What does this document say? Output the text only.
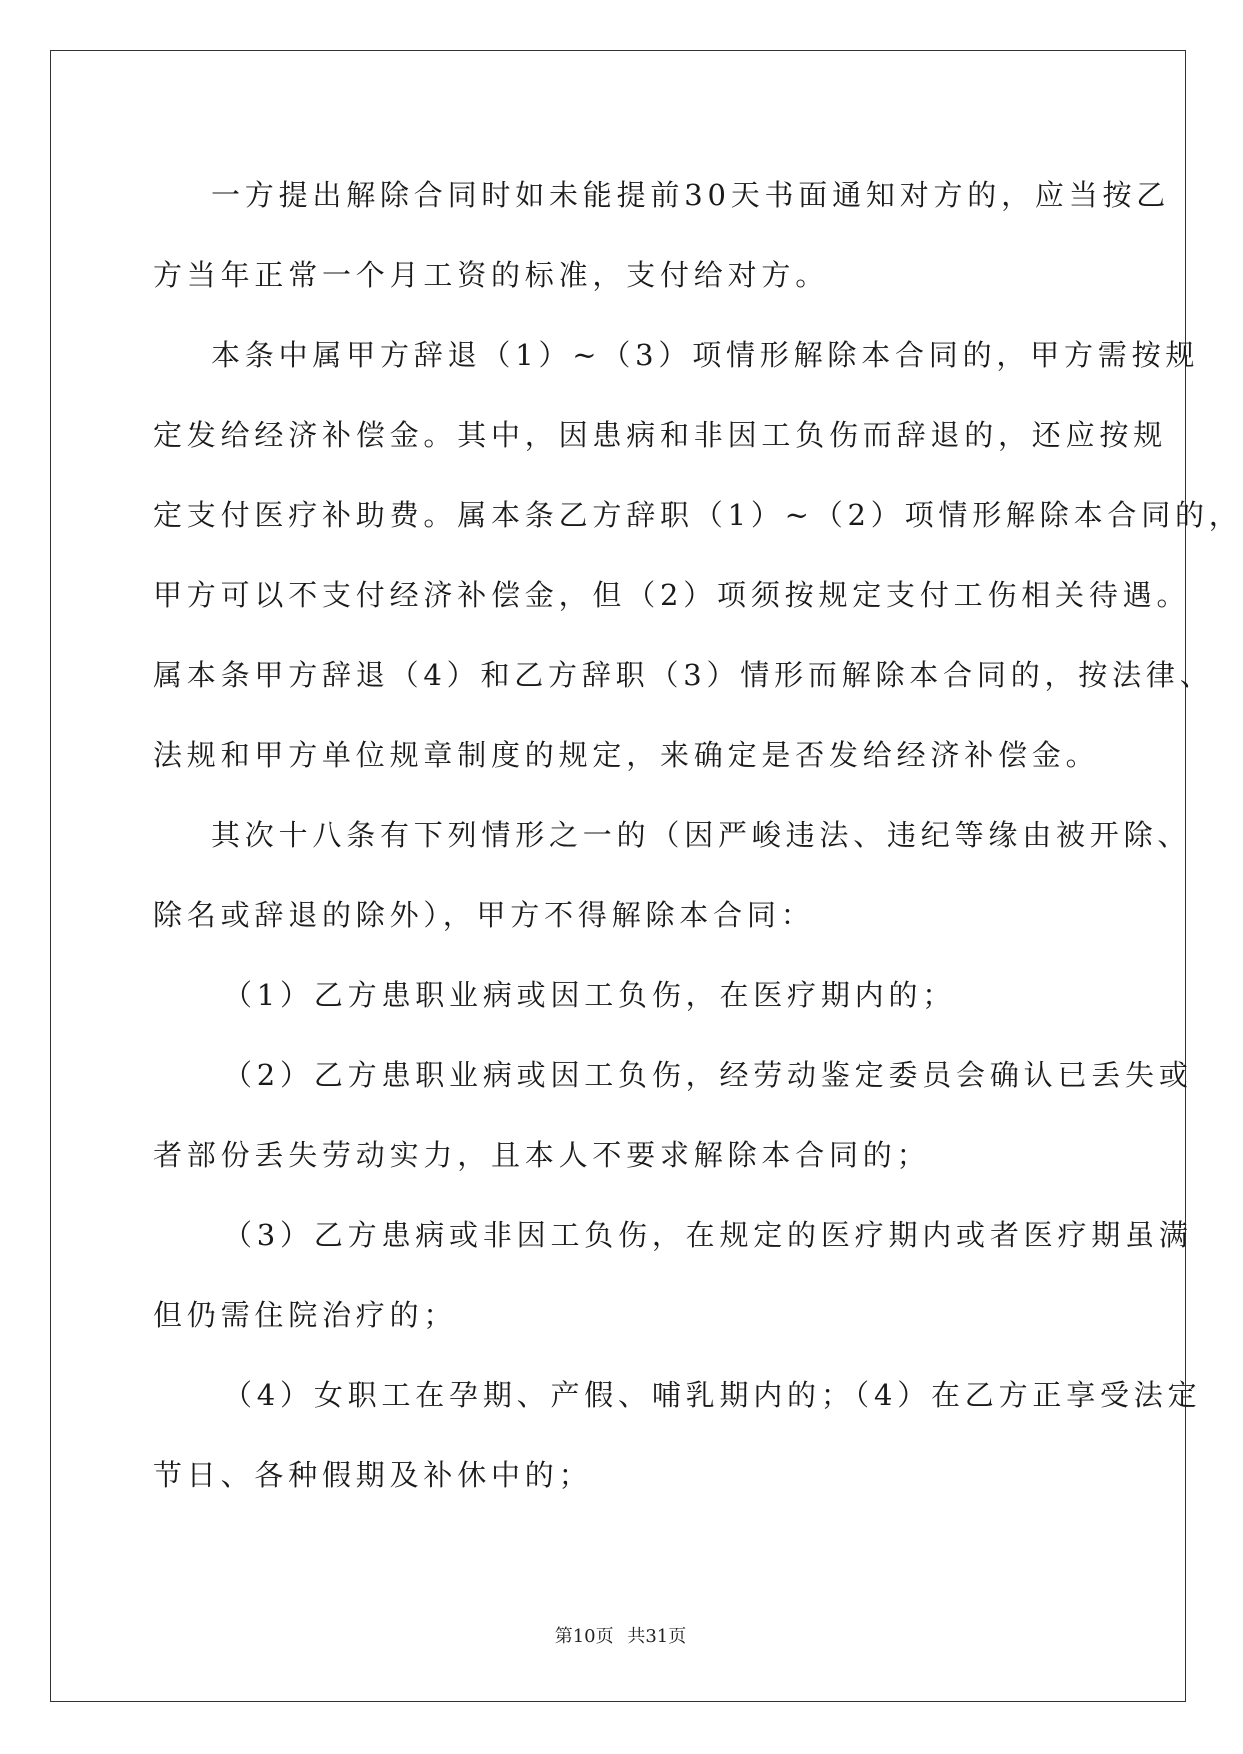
一方提出解除合同时如未能提前30天书面通知对方的，应当按乙
方当年正常一个月工资的标准，支付给对方。
本条中属甲方辞退（1）~（3）项情形解除本合同的，甲方需按规
定发给经济补偿金。其中，因患病和非因工负伤而辞退的，还应按规
定支付医疗补助费。属本条乙方辞职（1）~（2）项情形解除本合同的，
甲方可以不支付经济补偿金，但（2）项须按规定支付工伤相关待遇。
属本条甲方辞退（4）和乙方辞职（3）情形而解除本合同的，按法律、
法规和甲方单位规章制度的规定，来确定是否发给经济补偿金。
其次十八条有下列情形之一的（因严峻违法、违纪等缘由被开除、
除名或辞退的除外），甲方不得解除本合同：
（1）乙方患职业病或因工负伤，在医疗期内的；
（2）乙方患职业病或因工负伤，经劳动鉴定委员会确认已丢失或
者部份丢失劳动实力，且本人不要求解除本合同的；
（3）乙方患病或非因工负伤，在规定的医疗期内或者医疗期虽满
但仍需住院治疗的；
（4）女职工在孕期、产假、哺乳期内的；（4）在乙方正享受法定
节日、各种假期及补休中的；
第10页 共31页
